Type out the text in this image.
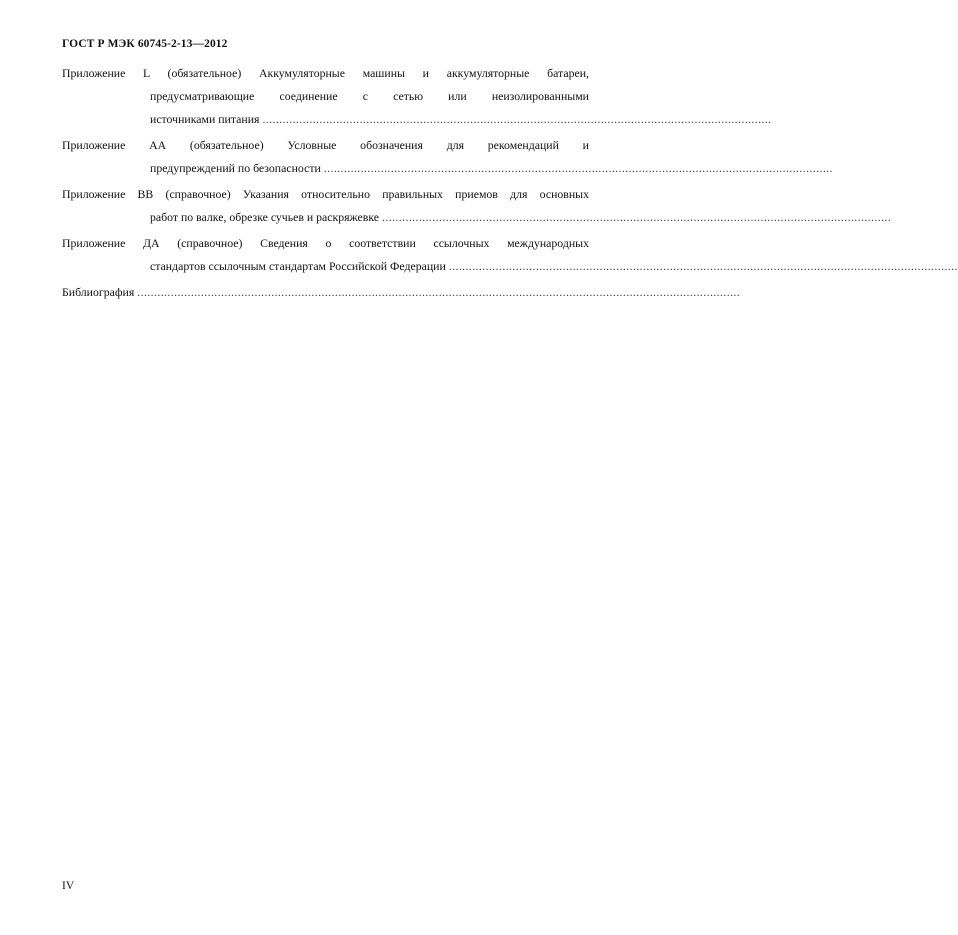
ГОСТ Р МЭК 60745-2-13—2012
Приложение L (обязательное) Аккумуляторные машины и аккумуляторные батареи,
предусматривающие соединение с сетью или неизолированными
источниками питания ........................................................................................................................................................
Приложение АА (обязательное) Условные обозначения для рекомендаций и
предупреждений по безопасности ........................................................................................................................................................
Приложение ВВ (справочное) Указания относительно правильных приемов для основных
работ по валке, обрезке сучьев и раскряжевке ........................................................................................................................................................
Приложение ДА (справочное) Сведения о соответствии ссылочных международных
стандартов ссылочным стандартам Российской Федерации ........................................................................................................................................................
Библиография ....................................................................................................................................................................................
IV
